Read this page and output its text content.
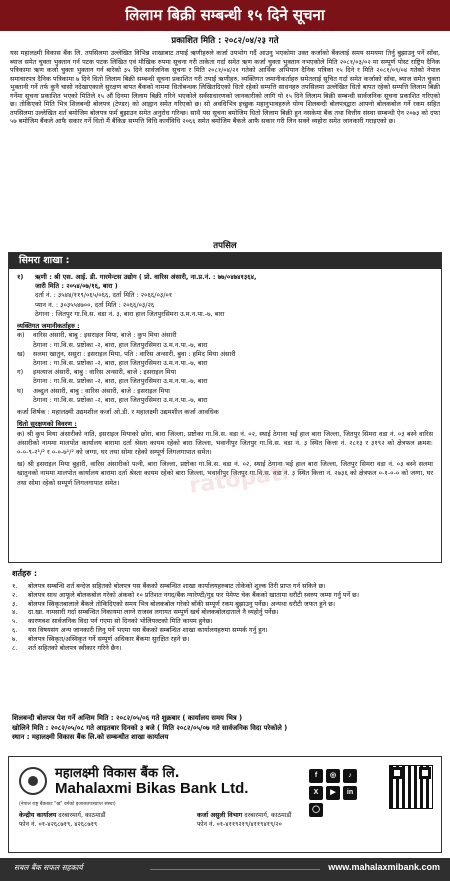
लिलाम बिक्री सम्बन्धी १५ दिने सूचना
प्रकाशित मिति : २०८२/०४/२३ गते
यस महालक्ष्मी विकास बैंक लि. तपसिलमा उल्लेखित विभिन्न शाखाबाट तपाईं ऋणीहरुले कर्जा उपभोग गर्दै आउनु भएकोमा उक्त कर्जाको बैंकलाई समय समयमा तिर्नु बुझाउनु पर्ने साँवा, ब्याज समेत चुक्ता भुक्तान गर्न पटक पटक लिखित एवं मौखिक रुपमा सूचना गरी ताकेता गर्दा समेत ऋण कर्जा चुक्ता भुक्तान नभएकोले मिति २०८१/०३/०२ मा सम्पूर्ण पोस्ट राष्ट्रिय दैनिक पत्रिकामा ऋण कर्जा चुक्ता भुक्तान गर्न बारेको ३५ दिने सार्वजनिक सूचना र मिति २०८१/०४/२१ गतेको आर्थिक अभियान दैनिक पत्रिका १५ दिने र मिति २०८१/०९/०४ गतेको नेपाल समाचारपत्र दैनिक पत्रिकामा ७ दिने धितो लिलाम बिक्री सम्बन्धी सूचना प्रकाशित गरी तपाईं ऋणीहरु, व्यक्तिगत जमानीकर्ताहरु समेतलाई सूचित गर्दा समेत कर्जाको साँवा, ब्याज समेत चुक्ता भुक्तानी गर्ने तर्फ कुनै चासो नदेखाएकाले सुरक्षण बापत बैंकको नाममा धितोबन्धक लिखितदिएको धितो रहेको सम्पत्ति साधनहरु तपसिलमा उल्लेखित धितो बापत रहेको सम्पत्ति लिलाम बिक्री गर्नेमा सूचना प्रकाशित भएको मितिले १५ औं दिनमा लिलाम बिक्री गरिने भएकोले सर्वसाधारणको जानकारीको लागि यो १५ दिने लिलाम बिक्री सम्बन्धी सार्वजनिक सूचना प्रकाशित गरिएको छ। तोकिएको मिति भित्र शिलबन्दी बोलपत्र (टेण्डर) को आह्वान समेत गरिएको छ। सो अवधिभित्र इच्छुक महानुभावहरुले योग्य शिलबन्दी बोलपत्रद्वारा आफ्नो बोलकबोल गर्ने रकम सहित तपसिलमा उल्लेखित शर्त बमोजिम बोलपत्र फर्म बुझाउन समेत अनुरोध गरिन्छ। साथै यस सूचना बमोजिम धितो लिलाम बिक्री हुन नसकेमा बैंक तथा वित्तीय संस्था सम्बन्धी ऐन २०७३ को दफा ५७ बमोजिम बैंकले आफै सकार गर्ने धितो मैं बैंकिङ सम्पत्ति विधि कार्यविधि २०६६ समेत बमोजिम बैंकले आफै सकार गरी लिन सक्ने व्यहोरा समेत जानकारी गराइएको छ।
तपसिल
सिमरा शाखा :
१)	ऋणी : श्री एस. आई. डी. गारमेन्टस उद्योग ( प्रो. वारिस अंसारी, ना.प्र.नं. : ७७/०४७४१३६४,
जारी मिति : २०५४/०७/१६, बारा )
दर्ता नं. : ३५४४/११९/०६५/०६६, दर्ता मिति : २०६६/०३/०१
प्यान नं. : ३०३५५४७००, दर्ता मिति : २०६६/०३/२६
ठेगाना : जितपुर गा.वि.स. वडा नं. ३, बारा हाल जितपुरसिमरा उ.म.न.पा.-७, बारा
व्यक्तिगत जमानीकर्ताहरु :
क)	वारिस अंसारी, बाबु : इसराइल मिया, बाजे : कुप मिया अंसारी
ठेगाना : गा.वि.स. प्रष्टोका -२, बारा, हाल जितपुरसिमरा उ.म.न.पा.-७, बारा
ख)	सलमा खातुन, ससुरा : इसराइल मिया, पति : वारिस अन्सारी, बुवा : हमिद मिया अंसारी
ठेगाना : गा.वि.स. प्रष्टोका -२, बारा, हाल जितपुरसिमरा उ.म.न.पा.-७, बारा
ग)	इमत्याज अंसारी, बाबु : वारिस अन्सारी, बाजे : इसराइल मिया
ठेगाना : गा.वि.स. प्रष्टोका -२, बारा, हाल जितपुरसिमरा उ.म.न.पा.-७, बारा
घ)	अब्दुल अंसारी, बाबु : वारिस अंसारी, बाजे : इसराइल मिया
ठेगाना : गा.वि.स. प्रष्टोका -२, बारा, हाल जितपुरसिमरा उ.म.न.पा.-७, बारा
कर्जा शिर्षक : महालक्ष्मी उद्यमशील कर्जा ओ.डी. र महालक्ष्मी उद्यमशील कर्जा आवधिक
धितो सुरक्षणको विवरण :
क) श्री कुप मिया अंसारीको नाति, इसराइल मियाको छोरा, बारा जिल्ला, प्रष्टोका गा.वि.स. वडा नं. ०२, स्थाई ठेगाना भई हाल बारा जिल्ला, जितपुर सिमरा वडा नं. ०३ बस्ने वारिस अंसारीको नाममा मालपोत कार्यालय बारामा दर्ता श्रेस्ता कायम रहेको बारा जिल्ला, भवानीपुर जितपुर गा.वि.स. वडा नं. ३ स्थित कित्ता नं. २८१३ र ३१९२ को क्षेत्रफल क्रमश: ०-०-९-२¹/² र ०-०-७¹/² को जग्गा, घर तथा सोमा रहेको सम्पूर्ण लिगलगापात समेत।
ख) श्री इसराइल मिया बुहारी, वारिस अंसारीको पत्नी, बारा जिल्ला, प्रष्टोका गा.वि.स. वडा नं. ०२, स्थाई ठेगाना भई हाल बारा जिल्ला, जितपुर सिमरा वडा नं. ०३ बस्ने सलमा खातुनको नाममा मालपोत कार्यालय बारामा दर्ता श्रेस्ता कायम रहेको बारा जिल्ला, भवानीपुर जितपुर गा.वि.स. वडा नं. ३ स्थित कित्ता नं. २७३६ को क्षेत्रफल ०-१-०-० को जग्गा, घर तथा सोमा रहेको सम्पूर्ण लिगलगापात समेत।	ratopati
शर्तहरु :
१.	बोलपत्र सम्बन्धि शर्त बन्देज सहितको बोलपत्र यस बैंकको सम्बन्धित शाखा कार्यालयहरुबाट तोकेको शुल्क तिरी प्राप्त गर्न सकिने छ।
२.	बोलपत्र साथ आफूले बोलकबोल गरेको अंकको १० प्रतिशत नगद/बैंक ग्यारेण्टी/गुड फर पेमेण्ट चेक बैंकको खातामा धरौटी स्वरुप जम्मा गर्नु पर्ने छ।
३.	बोलपत्र स्विकृतबालाले बैंकले तोकिदिएको समय भित्र बोलकबोल गरेको बाँकी सम्पूर्ण रकम बुझाउनु पर्नेछ। अन्यथा धरौटी जफत हुने छ।
४.	दा.खा. नामसारी गर्दा सम्बन्धित निकायमा लाग्ने राजस्व लगायत सम्पूर्ण खर्च बोलकबोलदाताले नै व्यहोर्नु पर्नेछ।
५.	कारणवश सार्वजनिक विदा पर्न गएमा सो दिनको भोलिपल्टको मिति कायम हुनेछ।
६.	यस विषयसंग अन्य जानकारी लिनु पर्ने भएमा यस बैंकको सम्बन्धित शाखा कार्यालयहरुमा सम्पर्क गर्नु हुन।
७.	बोलपत्र स्विकृत/अस्विकृत गर्ने सम्पूर्ण अधिकार बैंकमा सुरक्षित रहने छ।
८.	शर्त सहितको बोलपत्र स्वीकार गरिने छैन।
शिलबन्दी बोलपत्र पेश गर्ने अन्तिम मिति : २०८२/०५/०६ गते शुक्रबार ( कार्यालय समय भित्र )
खोलिने मिति : २०८२/०५/०८ गते आइतबार दिनको ३ बजे ( मिति २०८२/०५/०७ गते सार्वजनिक विदा परेकोले )
स्थान : महालक्ष्मी विकास बैंक लि.को सम्बन्धीत शाखा कार्यालय
महालक्ष्मी विकास बैंक लि.
Mahalaxmi Bikas Bank Ltd.
(नेपाल राष्ट्र बैंकबाट "ख" वर्गको इजाजतपत्रप्राप्त संस्था)
केन्द्रीय कार्यालय दरबारमार्ग, काठमाडौं
फोन नं. ०१-४२६८७१९, ४२६८७१९
कर्जा असुली विभाग दरबारमार्ग, काठमाडौं
फोन नं. ०१-४११९२१९/४११९४१९/२०
f	◎	♪
X	▶	in
◯
सबल बैंक सफल सहकार्य	www.mahalaxmibank.com
